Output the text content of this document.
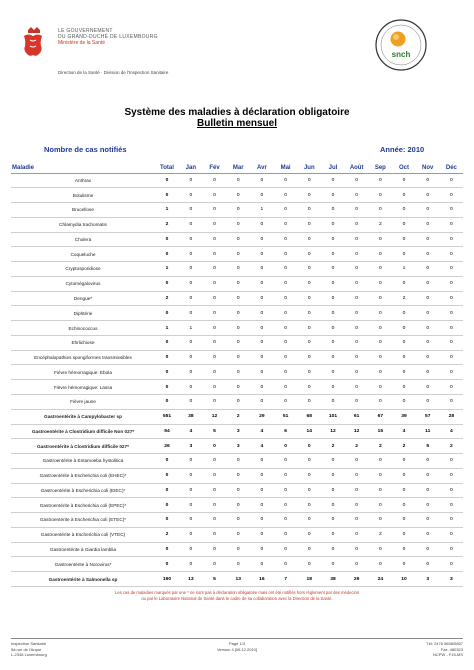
LE GOUVERNEMENT
DU GRAND-DUCHÉ DE LUXEMBOURG
Ministère de la Santé
Direction de la Santé · Division de l'Inspection Sanitaire
snch
Système des maladies à déclaration obligatoire
Bulletin mensuel
Nombre de cas notifiés	Année: 2010
Maladie	Total	Jan	Fév	Mar	Avr	Mai	Jun	Jul	Août	Sep	Oct	Nov	Déc
Anthrax	0	0	0	0	0	0	0	0	0	0	0	0	0
Botulisme	0	0	0	0	0	0	0	0	0	0	0	0	0
Brucellose	1	0	0	0	1	0	0	0	0	0	0	0	0
Chlamydia trachomatis	2	0	0	0	0	0	0	0	0	2	0	0	0
Cholera	0	0	0	0	0	0	0	0	0	0	0	0	0
Coqueluche	0	0	0	0	0	0	0	0	0	0	0	0	0
Cryptosporidiose	1	0	0	0	0	0	0	0	0	0	1	0	0
Cytomégalovirus	0	0	0	0	0	0	0	0	0	0	0	0	0
Dengue*	2	0	0	0	0	0	0	0	0	0	2	0	0
Diphtérie	0	0	0	0	0	0	0	0	0	0	0	0	0
Echinococcus	1	1	0	0	0	0	0	0	0	0	0	0	0
Ehrlichiose	0	0	0	0	0	0	0	0	0	0	0	0	0
Encéphalopathies spongiformes transmissibles	0	0	0	0	0	0	0	0	0	0	0	0	0
Fièvre hémorragique: Ebola	0	0	0	0	0	0	0	0	0	0	0	0	0
Fièvre hémorragique: Lassa	0	0	0	0	0	0	0	0	0	0	0	0	0
Fièvre jaune	0	0	0	0	0	0	0	0	0	0	0	0	0
Gastroentérite à Campylobacter sp	551	38	12	2	29	51	68	101	61	67	39	57	28
Gastroentérite à Clostridium difficile Non 027*	94	4	5	3	4	6	14	12	12	15	4	11	4
Gastroentérite à Clostridium difficile 027*	26	3	0	3	4	0	0	2	2	2	2	5	2
Gastroentérite à Entamoeba hystolitica	0	0	0	0	0	0	0	0	0	0	0	0	0
Gastroentérite à Escherichia coli (EHEC)*	0	0	0	0	0	0	0	0	0	0	0	0	0
Gastroentérite à Escherichia coli (EIEC)*	0	0	0	0	0	0	0	0	0	0	0	0	0
Gastroentérite à Escherichia coli (EPEC)*	0	0	0	0	0	0	0	0	0	0	0	0	0
Gastroentérite à Escherichia coli (ETEC)*	0	0	0	0	0	0	0	0	0	0	0	0	0
Gastroentérite à Escherichia coli (VTEC)	2	0	0	0	0	0	0	0	0	2	0	0	0
Gastroentérite à Giardia lamblia	0	0	0	0	0	0	0	0	0	0	0	0	0
Gastroentérite à Norovirus*	0	0	0	0	0	0	0	0	0	0	0	0	0
Gastroentérite à Salmonella sp	190	13	5	13	16	7	18	38	29	24	10	3	3
Les cas de maladies marqués par une * ne sont pas à déclaration obligatoire mais ont été notifiés hors règlement par des médecins
ou par le Laboratoire National de Santé dans le cadre de sa collaboration avec la Direction de la Santé.
Inspection Sanitaire
5a rue de l'Arque
L-2348 Luxembourg
Page 1/3
Version 4 [06.12.2010]
Tél: 2478 5658/5657
Fax: 480323
NCPW - F15-MS
